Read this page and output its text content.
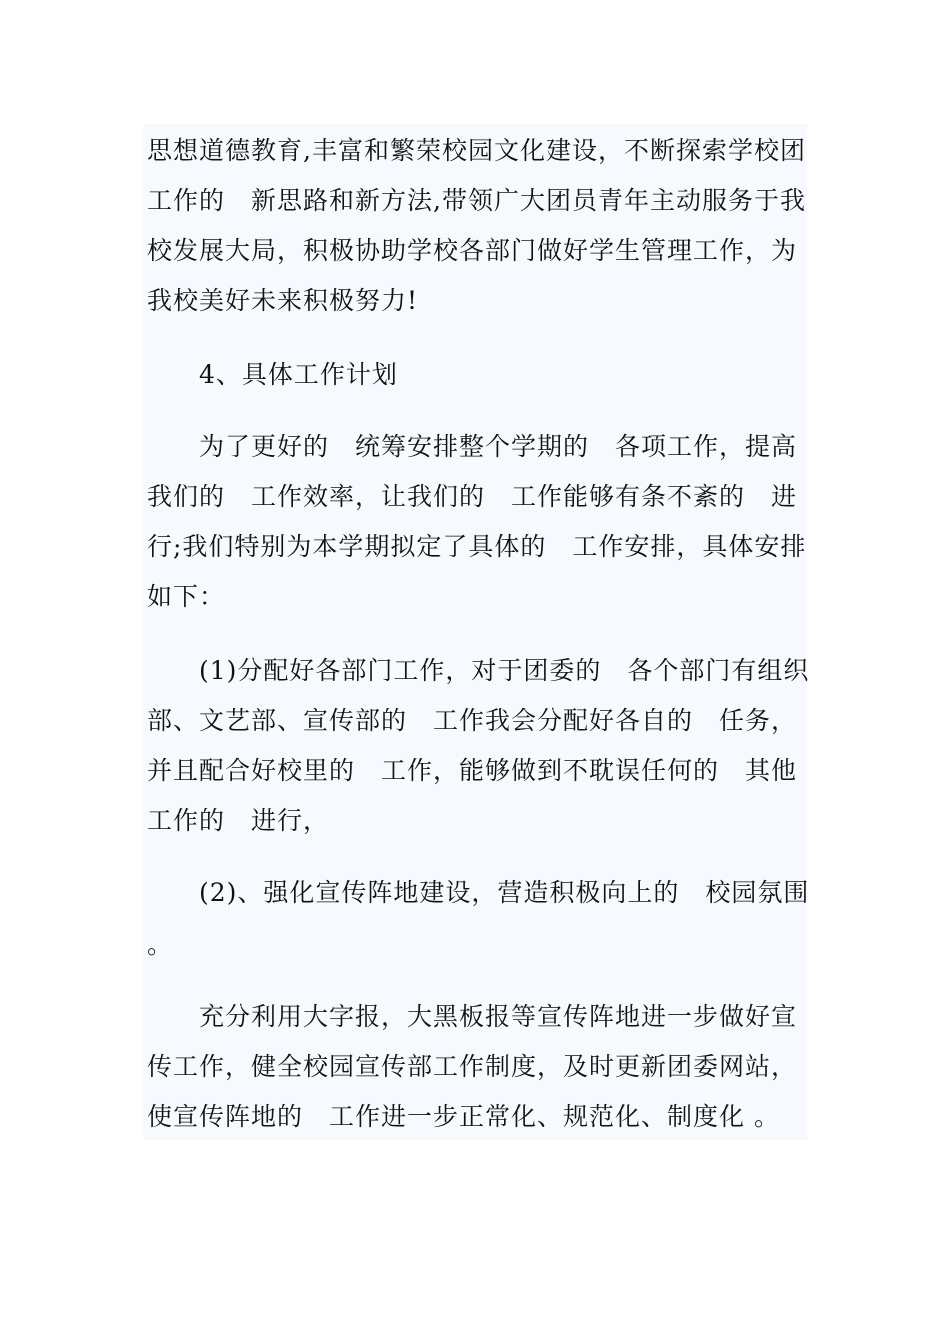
思想道德教育,丰富和繁荣校园文化建设，不断探索学校团
工作的　新思路和新方法,带领广大团员青年主动服务于我
校发展大局，积极协助学校各部门做好学生管理工作，为
我校美好未来积极努力!
　　4、具体工作计划
　　为了更好的　统筹安排整个学期的　各项工作，提高
我们的　工作效率，让我们的　工作能够有条不紊的　进
行;我们特别为本学期拟定了具体的　工作安排，具体安排
如下：
　　(1)分配好各部门工作，对于团委的　各个部门有组织
部、文艺部、宣传部的　工作我会分配好各自的　任务，
并且配合好校里的　工作，能够做到不耽误任何的　其他
工作的　进行，
　　(2)、强化宣传阵地建设，营造积极向上的　校园氛围
。
　　充分利用大字报，大黑板报等宣传阵地进一步做好宣
传工作，健全校园宣传部工作制度，及时更新团委网站，
使宣传阵地的　工作进一步正常化、规范化、制度化 。
